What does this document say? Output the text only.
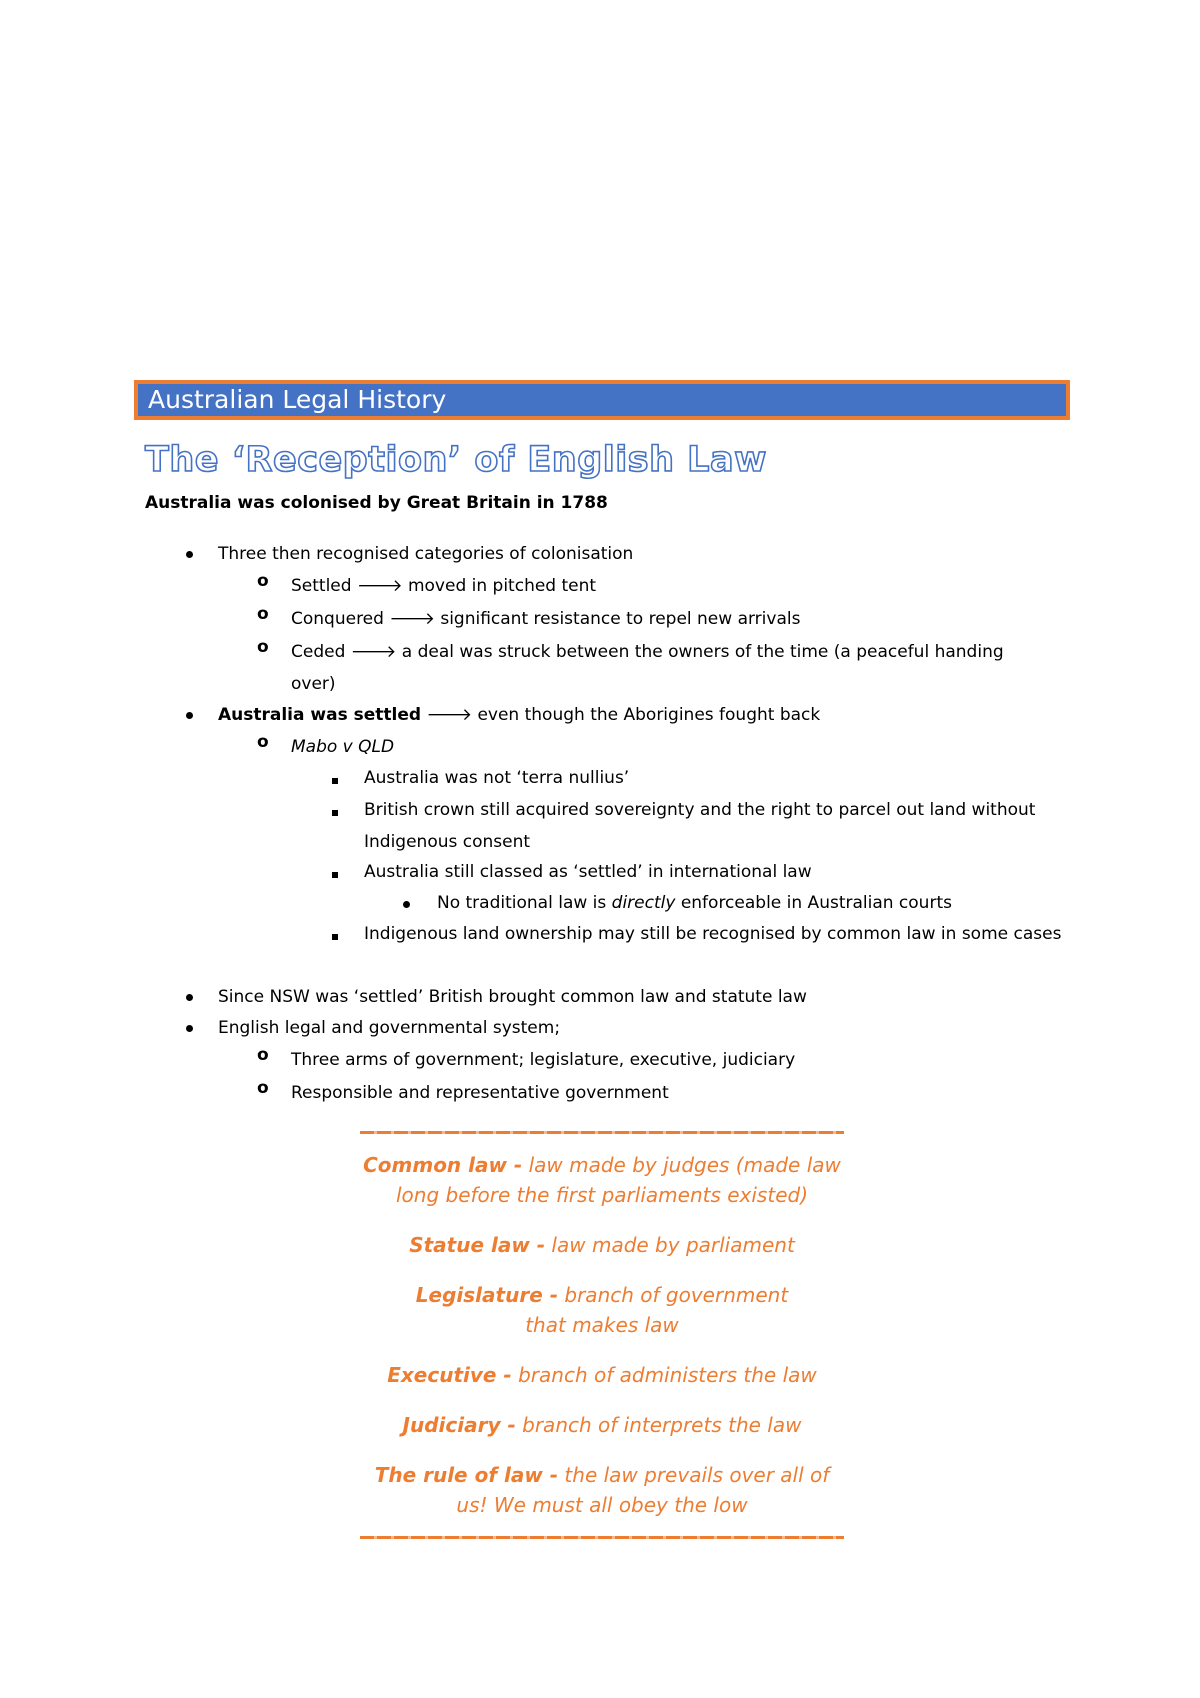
Australian Legal History
The ‘Reception’ of English Law
Australia was colonised by Great Britain in 1788
Three then recognised categories of colonisation
o Settled 🡒 moved in pitched tent
o Conquered 🡒 significant resistance to repel new arrivals
o Ceded 🡒 a deal was struck between the owners of the time (a peaceful handing over)
Australia was settled 🡒 even though the Aborigines fought back
o Mabo v QLD
Australia was not ‘terra nullius’
British crown still acquired sovereignty and the right to parcel out land without Indigenous consent
Australia still classed as ‘settled’ in international law
No traditional law is directly enforceable in Australian courts
Indigenous land ownership may still be recognised by common law in some cases
Since NSW was ‘settled’ British brought common law and statute law
English legal and governmental system;
o Three arms of government; legislature, executive, judiciary
o Responsible and representative government
Common law - law made by judges (made law long before the first parliaments existed)
Statue law - law made by parliament
Legislature - branch of government that makes law
Executive - branch of administers the law
Judiciary - branch of interprets the law
The rule of law - the law prevails over all of us! We must all obey the low
